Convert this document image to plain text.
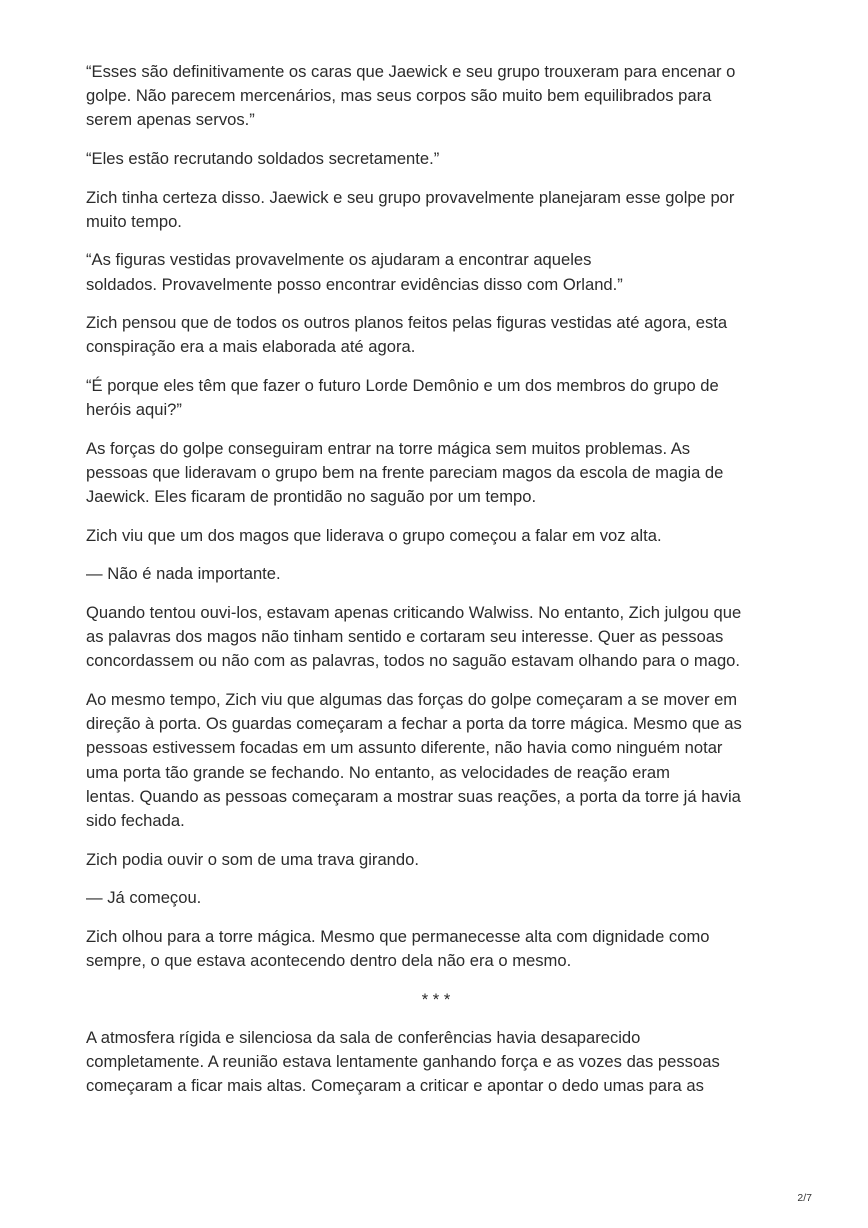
“Esses são definitivamente os caras que Jaewick e seu grupo trouxeram para encenar o
golpe. Não parecem mercenários, mas seus corpos são muito bem equilibrados para
serem apenas servos.”

“Eles estão recrutando soldados secretamente.”

Zich tinha certeza disso. Jaewick e seu grupo provavelmente planejaram esse golpe por
muito tempo.

“As figuras vestidas provavelmente os ajudaram a encontrar aqueles
soldados. Provavelmente posso encontrar evidências disso com Orland.”

Zich pensou que de todos os outros planos feitos pelas figuras vestidas até agora, esta
conspiração era a mais elaborada até agora.

“É porque eles têm que fazer o futuro Lorde Demônio e um dos membros do grupo de
heróis aqui?”

As forças do golpe conseguiram entrar na torre mágica sem muitos problemas. As
pessoas que lideravam o grupo bem na frente pareciam magos da escola de magia de
Jaewick. Eles ficaram de prontidão no saguão por um tempo.

Zich viu que um dos magos que liderava o grupo começou a falar em voz alta.

— Não é nada importante.

Quando tentou ouvi-los, estavam apenas criticando Walwiss. No entanto, Zich julgou que
as palavras dos magos não tinham sentido e cortaram seu interesse. Quer as pessoas
concordassem ou não com as palavras, todos no saguão estavam olhando para o mago.

Ao mesmo tempo, Zich viu que algumas das forças do golpe começaram a se mover em
direção à porta. Os guardas começaram a fechar a porta da torre mágica. Mesmo que as
pessoas estivessem focadas em um assunto diferente, não havia como ninguém notar
uma porta tão grande se fechando. No entanto, as velocidades de reação eram
lentas. Quando as pessoas começaram a mostrar suas reações, a porta da torre já havia
sido fechada.

Zich podia ouvir o som de uma trava girando.

— Já começou.

Zich olhou para a torre mágica. Mesmo que permanecesse alta com dignidade como
sempre, o que estava acontecendo dentro dela não era o mesmo.

* * *

A atmosfera rígida e silenciosa da sala de conferências havia desaparecido
completamente. A reunião estava lentamente ganhando força e as vozes das pessoas
começaram a ficar mais altas. Começaram a criticar e apontar o dedo umas para as

2/7
